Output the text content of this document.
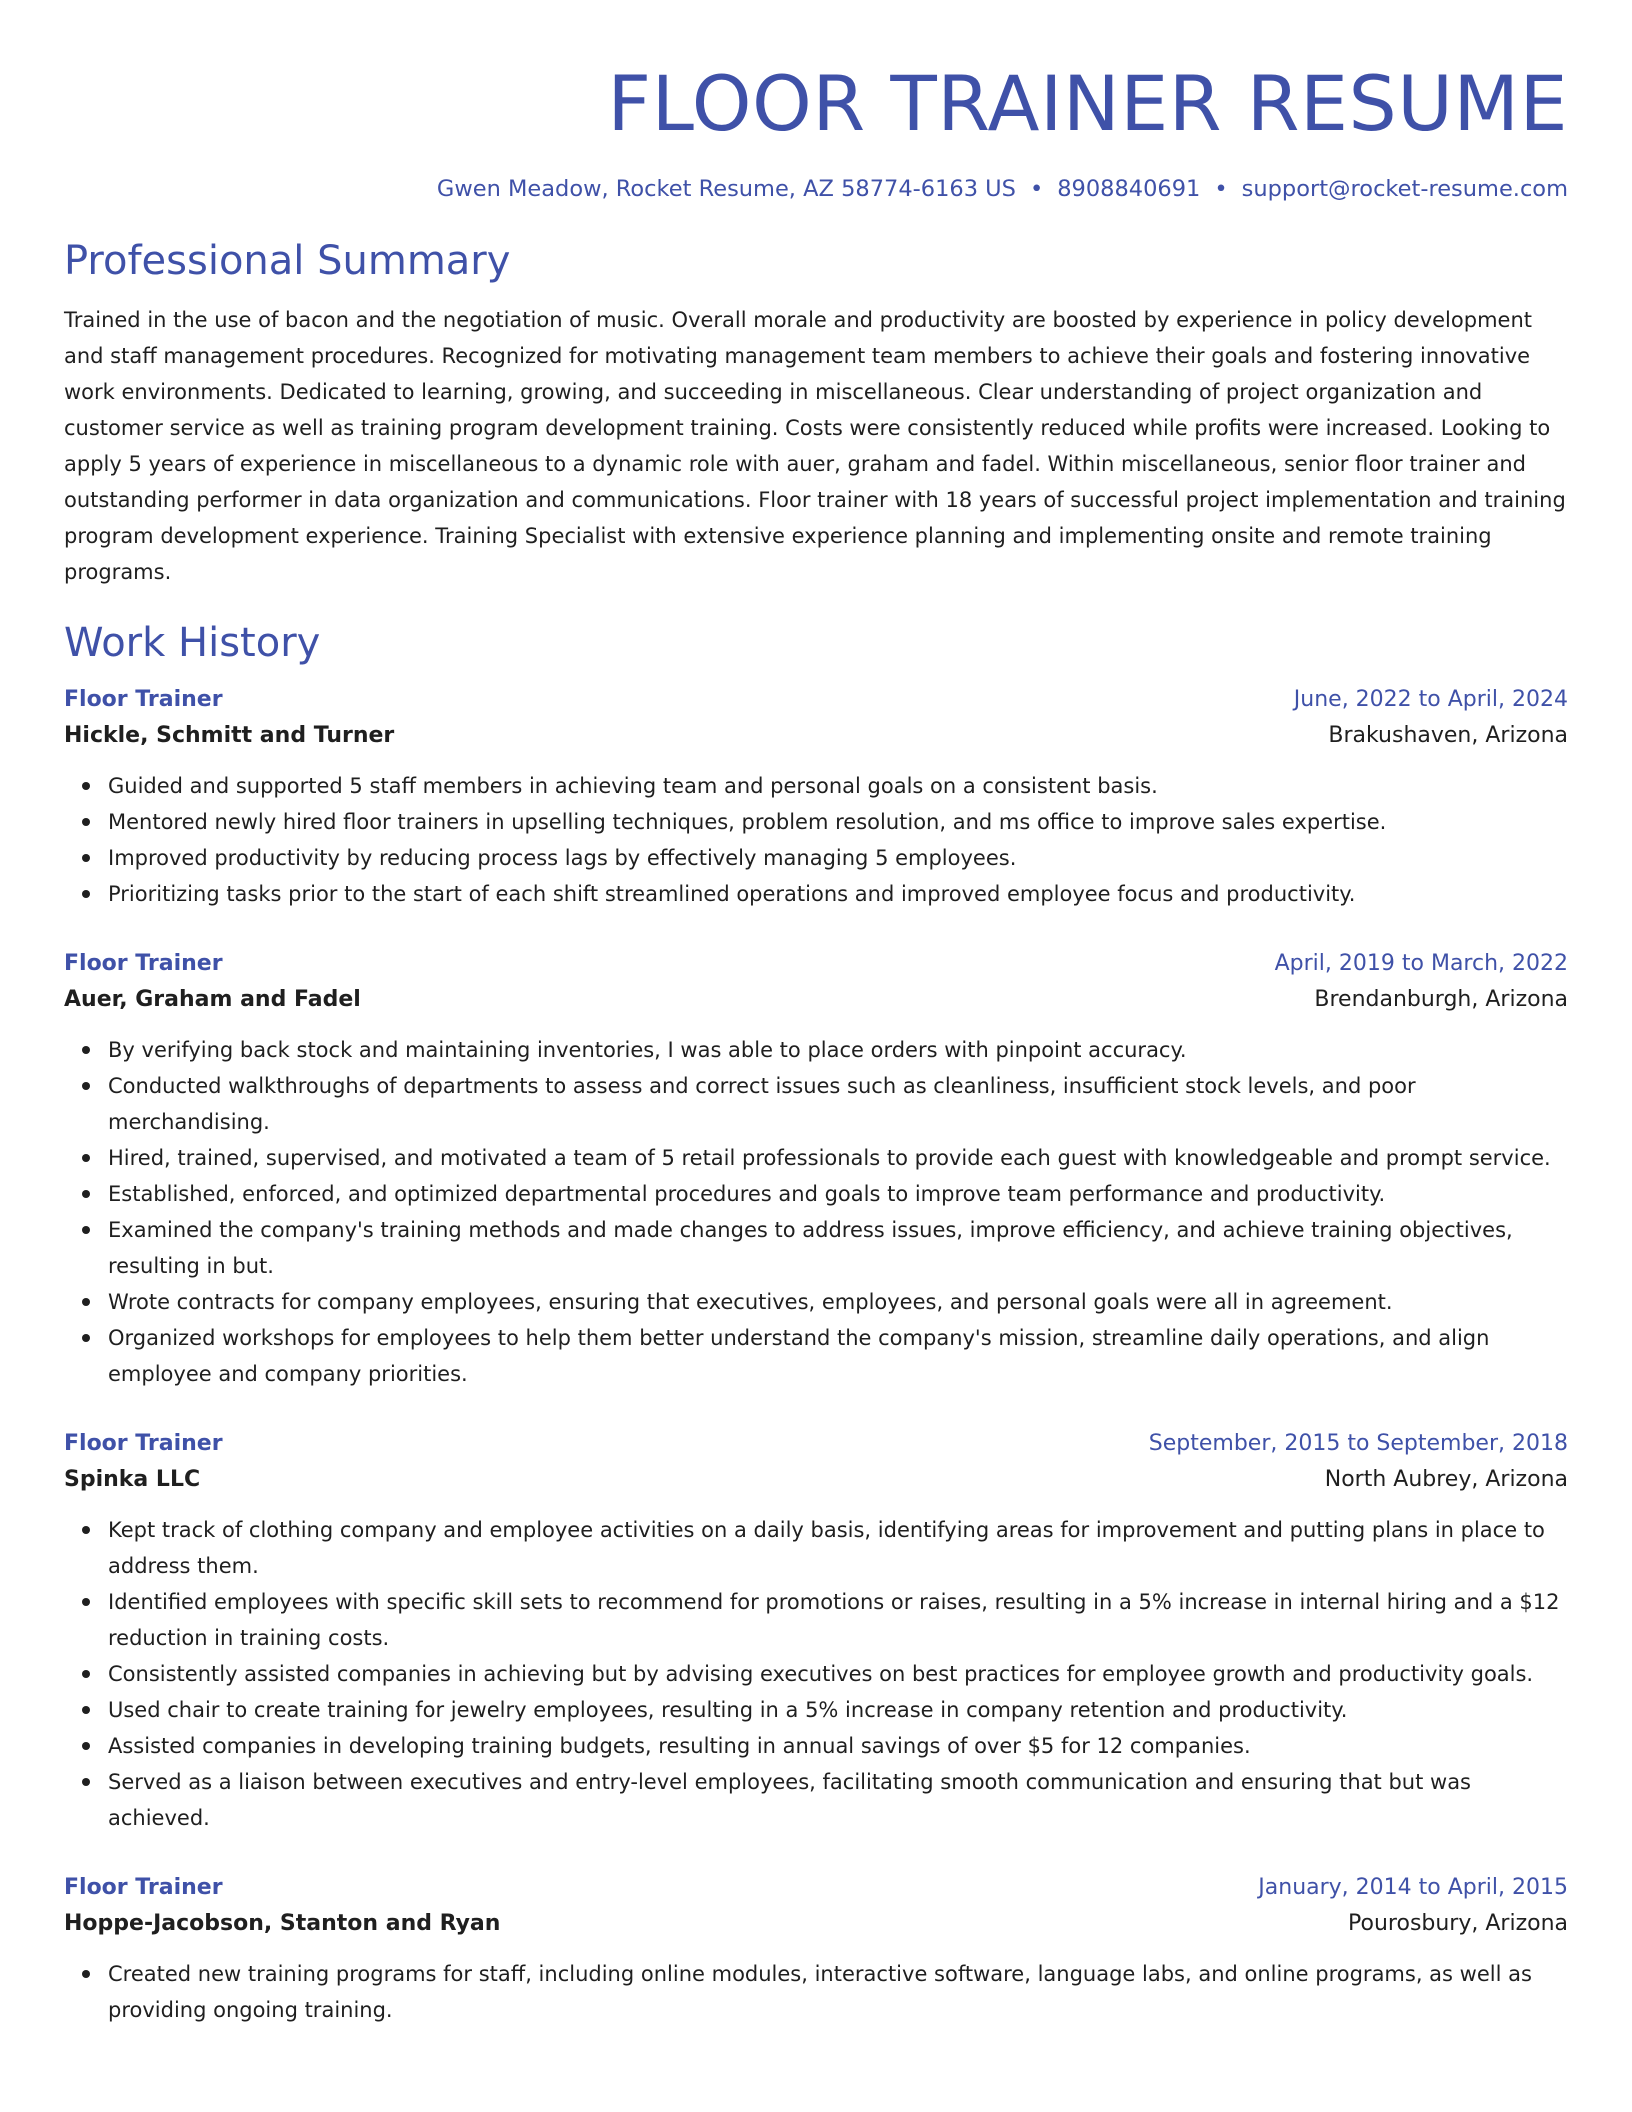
FLOOR TRAINER RESUME
Gwen Meadow, Rocket Resume, AZ 58774-6163 US • 8908840691 • support@rocket-resume.com
Professional Summary

Trained in the use of bacon and the negotiation of music. Overall morale and productivity are boosted by experience in policy development and staff management procedures. Recognized for motivating management team members to achieve their goals and fostering innovative work environments. Dedicated to learning, growing, and succeeding in miscellaneous. Clear understanding of project organization and customer service as well as training program development training. Costs were consistently reduced while profits were increased. Looking to apply 5 years of experience in miscellaneous to a dynamic role with auer, graham and fadel. Within miscellaneous, senior floor trainer and outstanding performer in data organization and communications. Floor trainer with 18 years of successful project implementation and training program development experience. Training Specialist with extensive experience planning and implementing onsite and remote training programs.

Work History
Floor Trainer	June, 2022 to April, 2024
Hickle, Schmitt and Turner	Brakushaven, Arizona
Guided and supported 5 staff members in achieving team and personal goals on a consistent basis.
Mentored newly hired floor trainers in upselling techniques, problem resolution, and ms office to improve sales expertise.
Improved productivity by reducing process lags by effectively managing 5 employees.
Prioritizing tasks prior to the start of each shift streamlined operations and improved employee focus and productivity.
Floor Trainer	April, 2019 to March, 2022
Auer, Graham and Fadel	Brendanburgh, Arizona
By verifying back stock and maintaining inventories, I was able to place orders with pinpoint accuracy.
Conducted walkthroughs of departments to assess and correct issues such as cleanliness, insufficient stock levels, and poor merchandising.
Hired, trained, supervised, and motivated a team of 5 retail professionals to provide each guest with knowledgeable and prompt service.
Established, enforced, and optimized departmental procedures and goals to improve team performance and productivity.
Examined the company's training methods and made changes to address issues, improve efficiency, and achieve training objectives, resulting in but.
Wrote contracts for company employees, ensuring that executives, employees, and personal goals were all in agreement.
Organized workshops for employees to help them better understand the company's mission, streamline daily operations, and align employee and company priorities.
Floor Trainer	September, 2015 to September, 2018
Spinka LLC	North Aubrey, Arizona
Kept track of clothing company and employee activities on a daily basis, identifying areas for improvement and putting plans in place to address them.
Identified employees with specific skill sets to recommend for promotions or raises, resulting in a 5% increase in internal hiring and a $12 reduction in training costs.
Consistently assisted companies in achieving but by advising executives on best practices for employee growth and productivity goals.
Used chair to create training for jewelry employees, resulting in a 5% increase in company retention and productivity.
Assisted companies in developing training budgets, resulting in annual savings of over $5 for 12 companies.
Served as a liaison between executives and entry-level employees, facilitating smooth communication and ensuring that but was achieved.
Floor Trainer	January, 2014 to April, 2015
Hoppe-Jacobson, Stanton and Ryan	Pourosbury, Arizona
Created new training programs for staff, including online modules, interactive software, language labs, and online programs, as well as providing ongoing training.
